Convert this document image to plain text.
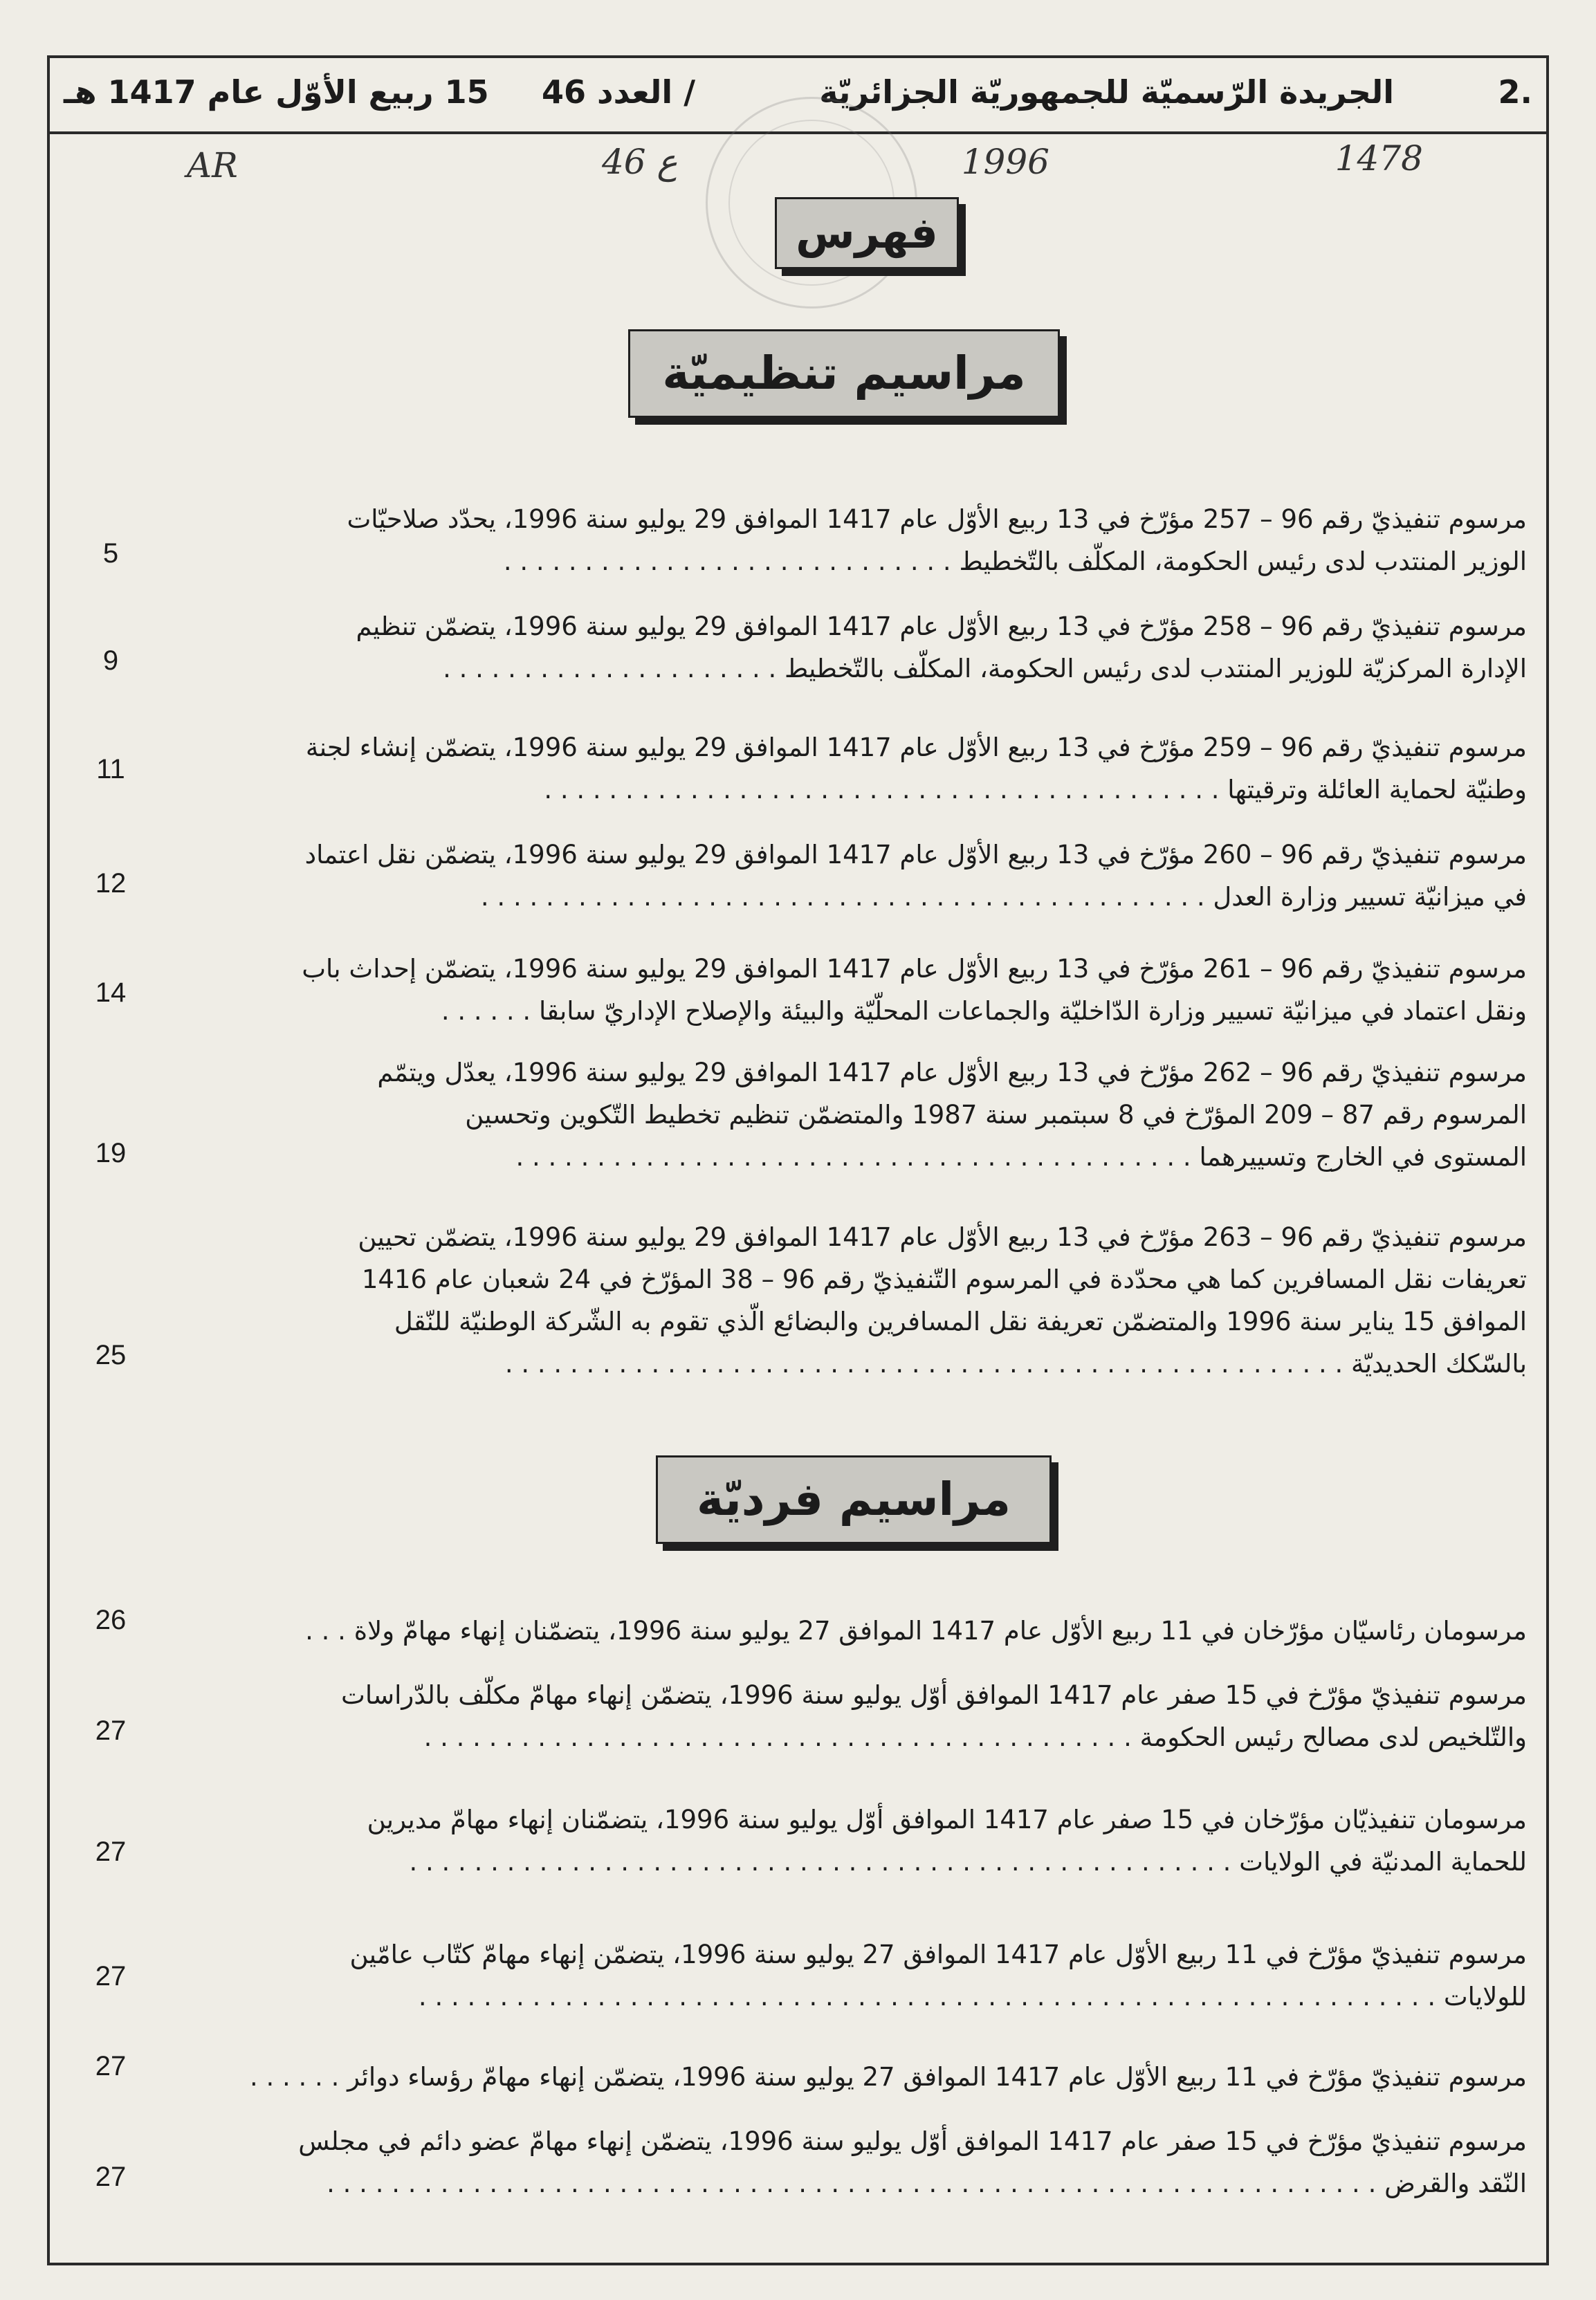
.2
الجريدة الرّسميّة للجمهوريّة الجزائريّة
/ العدد 46
15 ربيع الأوّل عام 1417 هـ
1478
1996
46 ع
AR
فهرس
مراسيم تنظيميّة
مرسوم تنفيذيّ رقم 96 – 257 مؤرّخ في 13 ربيع الأوّل عام 1417 الموافق 29 يوليو سنة 1996، يحدّد صلاحيّات
الوزير المنتدب لدى رئيس الحكومة، المكلّف بالتّخطيط . . . . . . . . . . . . . . . . . . . . . . . . . . . .
5
مرسوم تنفيذيّ رقم 96 – 258 مؤرّخ في 13 ربيع الأوّل عام 1417 الموافق 29 يوليو سنة 1996، يتضمّن تنظيم
الإدارة المركزيّة للوزير المنتدب لدى رئيس الحكومة، المكلّف بالتّخطيط . . . . . . . . . . . . . . . . . . . . .
9
مرسوم تنفيذيّ رقم 96 – 259 مؤرّخ في 13 ربيع الأوّل عام 1417 الموافق 29 يوليو سنة 1996، يتضمّن إنشاء لجنة
وطنيّة لحماية العائلة وترقيتها . . . . . . . . . . . . . . . . . . . . . . . . . . . . . . . . . . . . . . . . . .
11
مرسوم تنفيذيّ رقم 96 – 260 مؤرّخ في 13 ربيع الأوّل عام 1417 الموافق 29 يوليو سنة 1996، يتضمّن نقل اعتماد
في ميزانيّة تسيير وزارة العدل . . . . . . . . . . . . . . . . . . . . . . . . . . . . . . . . . . . . . . . . . . . . .
12
مرسوم تنفيذيّ رقم 96 – 261 مؤرّخ في 13 ربيع الأوّل عام 1417 الموافق 29 يوليو سنة 1996، يتضمّن إحداث باب
ونقل اعتماد في ميزانيّة تسيير وزارة الدّاخليّة والجماعات المحلّيّة والبيئة والإصلاح الإداريّ سابقا . . . . . .
14
مرسوم تنفيذيّ رقم 96 – 262 مؤرّخ في 13 ربيع الأوّل عام 1417 الموافق 29 يوليو سنة 1996، يعدّل ويتمّم
المرسوم رقم 87 – 209 المؤرّخ في 8 سبتمبر سنة 1987 والمتضمّن تنظيم تخطيط التّكوين وتحسين
المستوى في الخارج وتسييرهما . . . . . . . . . . . . . . . . . . . . . . . . . . . . . . . . . . . . . . . . . .
19
مرسوم تنفيذيّ رقم 96 – 263 مؤرّخ في 13 ربيع الأوّل عام 1417 الموافق 29 يوليو سنة 1996، يتضمّن تحيين
تعريفات نقل المسافرين كما هي محدّدة في المرسوم التّنفيذيّ رقم 96 – 38 المؤرّخ في 24 شعبان عام 1416
الموافق 15 يناير سنة 1996 والمتضمّن تعريفة نقل المسافرين والبضائع الّذي تقوم به الشّركة الوطنيّة للنّقل
بالسّكك الحديديّة . . . . . . . . . . . . . . . . . . . . . . . . . . . . . . . . . . . . . . . . . . . . . . . . . . . .
25
مراسيم فرديّة
مرسومان رئاسيّان مؤرّخان في 11 ربيع الأوّل عام 1417 الموافق 27 يوليو سنة 1996، يتضمّنان إنهاء مهامّ ولاة . . .
26
مرسوم تنفيذيّ مؤرّخ في 15 صفر عام 1417 الموافق أوّل يوليو سنة 1996، يتضمّن إنهاء مهامّ مكلّف بالدّراسات
والتّلخيص لدى مصالح رئيس الحكومة . . . . . . . . . . . . . . . . . . . . . . . . . . . . . . . . . . . . . . . . . . . .
27
مرسومان تنفيذيّان مؤرّخان في 15 صفر عام 1417 الموافق أوّل يوليو سنة 1996، يتضمّنان إنهاء مهامّ مديرين
للحماية المدنيّة في الولايات . . . . . . . . . . . . . . . . . . . . . . . . . . . . . . . . . . . . . . . . . . . . . . . . . . .
27
مرسوم تنفيذيّ مؤرّخ في 11 ربيع الأوّل عام 1417 الموافق 27 يوليو سنة 1996، يتضمّن إنهاء مهامّ كتّاب عامّين
للولايات . . . . . . . . . . . . . . . . . . . . . . . . . . . . . . . . . . . . . . . . . . . . . . . . . . . . . . . . . . . . . . .
27
مرسوم تنفيذيّ مؤرّخ في 11 ربيع الأوّل عام 1417 الموافق 27 يوليو سنة 1996، يتضمّن إنهاء مهامّ رؤساء دوائر . . . . . .
27
مرسوم تنفيذيّ مؤرّخ في 15 صفر عام 1417 الموافق أوّل يوليو سنة 1996، يتضمّن إنهاء مهامّ عضو دائم في مجلس
النّقد والقرض . . . . . . . . . . . . . . . . . . . . . . . . . . . . . . . . . . . . . . . . . . . . . . . . . . . . . . . . . . . . . . . . .
27
